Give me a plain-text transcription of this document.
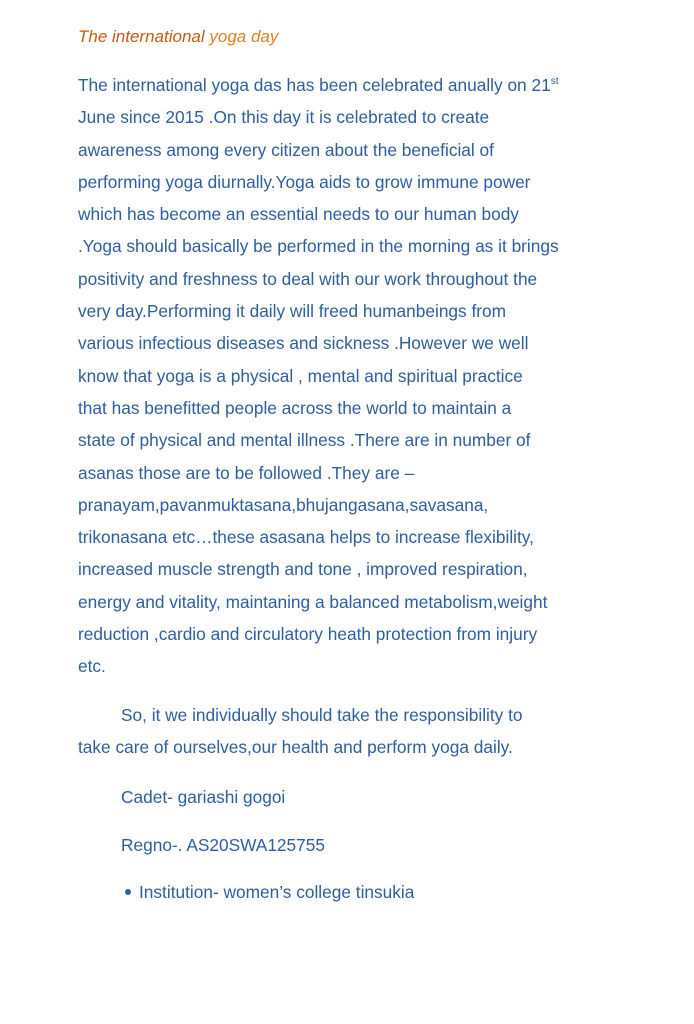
The international yoga day
The international yoga das has been celebrated anually on 21st
June since 2015 .On this day it is celebrated to create
awareness among every citizen about the beneficial of
performing yoga diurnally.Yoga aids to grow immune power
which has become an essential needs to our human body
.Yoga should basically be performed in the morning as it brings
positivity and freshness to deal with our work throughout the
very day.Performing it daily will freed humanbeings from
various infectious diseases and sickness .However we well
know that yoga is a physical , mental and spiritual practice
that has benefitted people across the world to maintain a
state of physical and mental illness .There are in number of
asanas those are to be followed .They are –
pranayam,pavanmuktasana,bhujangasana,savasana,
trikonasana etc…these asasana helps to increase flexibility,
increased muscle strength and tone , improved respiration,
energy and vitality, maintaning a balanced metabolism,weight
reduction ,cardio and circulatory heath protection from injury
etc.
So, it we individually should take the responsibility to
take care of ourselves,our health and perform yoga daily.
Cadet- gariashi gogoi
Regno-. AS20SWA125755
Institution- women’s college tinsukia
